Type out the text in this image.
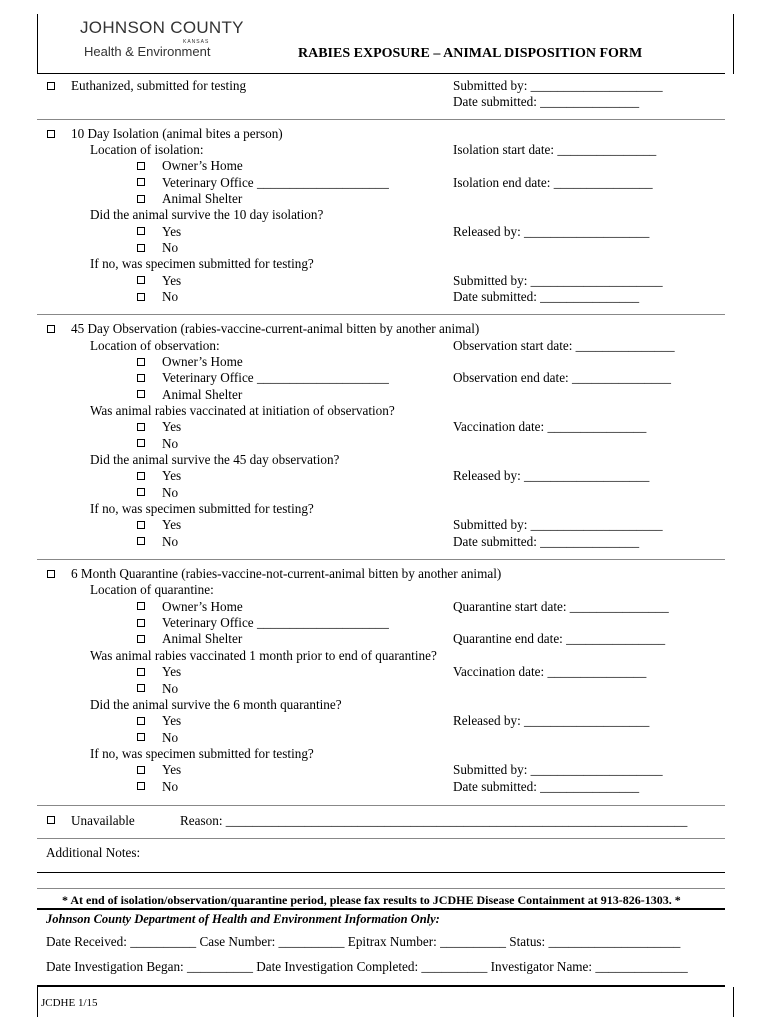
JOHNSON COUNTY
KANSAS
Health & Environment	RABIES EXPOSURE – ANIMAL DISPOSITION FORM
Euthanized, submitted for testing	Submitted by: ____________________
Date submitted: _______________
10 Day Isolation (animal bites a person)
Location of isolation:	Isolation start date: _______________
Owner’s Home
Veterinary Office ____________________	Isolation end date: _______________
Animal Shelter
Did the animal survive the 10 day isolation?
Yes	Released by: ___________________
No
If no, was specimen submitted for testing?
Yes	Submitted by: ____________________
No	Date submitted: _______________
45 Day Observation (rabies-vaccine-current-animal bitten by another animal)
Location of observation:	Observation start date: _______________
Owner’s Home
Veterinary Office ____________________	Observation end date: _______________
Animal Shelter
Was animal rabies vaccinated at initiation of observation?
Yes	Vaccination date: _______________
No
Did the animal survive the 45 day observation?
Yes	Released by: ___________________
No
If no, was specimen submitted for testing?
Yes	Submitted by: ____________________
No	Date submitted: _______________
6 Month Quarantine (rabies-vaccine-not-current-animal bitten by another animal)
Location of quarantine:
Owner’s Home	Quarantine start date: _______________
Veterinary Office ____________________
Animal Shelter	Quarantine end date: _______________
Was animal rabies vaccinated 1 month prior to end of quarantine?
Yes	Vaccination date: _______________
No
Did the animal survive the 6 month quarantine?
Yes	Released by: ___________________
No
If no, was specimen submitted for testing?
Yes	Submitted by: ____________________
No	Date submitted: _______________
Unavailable	Reason: ______________________________________________________________________
Additional Notes:
* At end of isolation/observation/quarantine period, please fax results to JCDHE Disease Containment at 913-826-1303. *
Johnson County Department of Health and Environment Information Only:
Date Received: __________ Case Number: __________ Epitrax Number: __________ Status: ____________________
Date Investigation Began: __________ Date Investigation Completed: __________ Investigator Name: ______________
JCDHE 1/15
